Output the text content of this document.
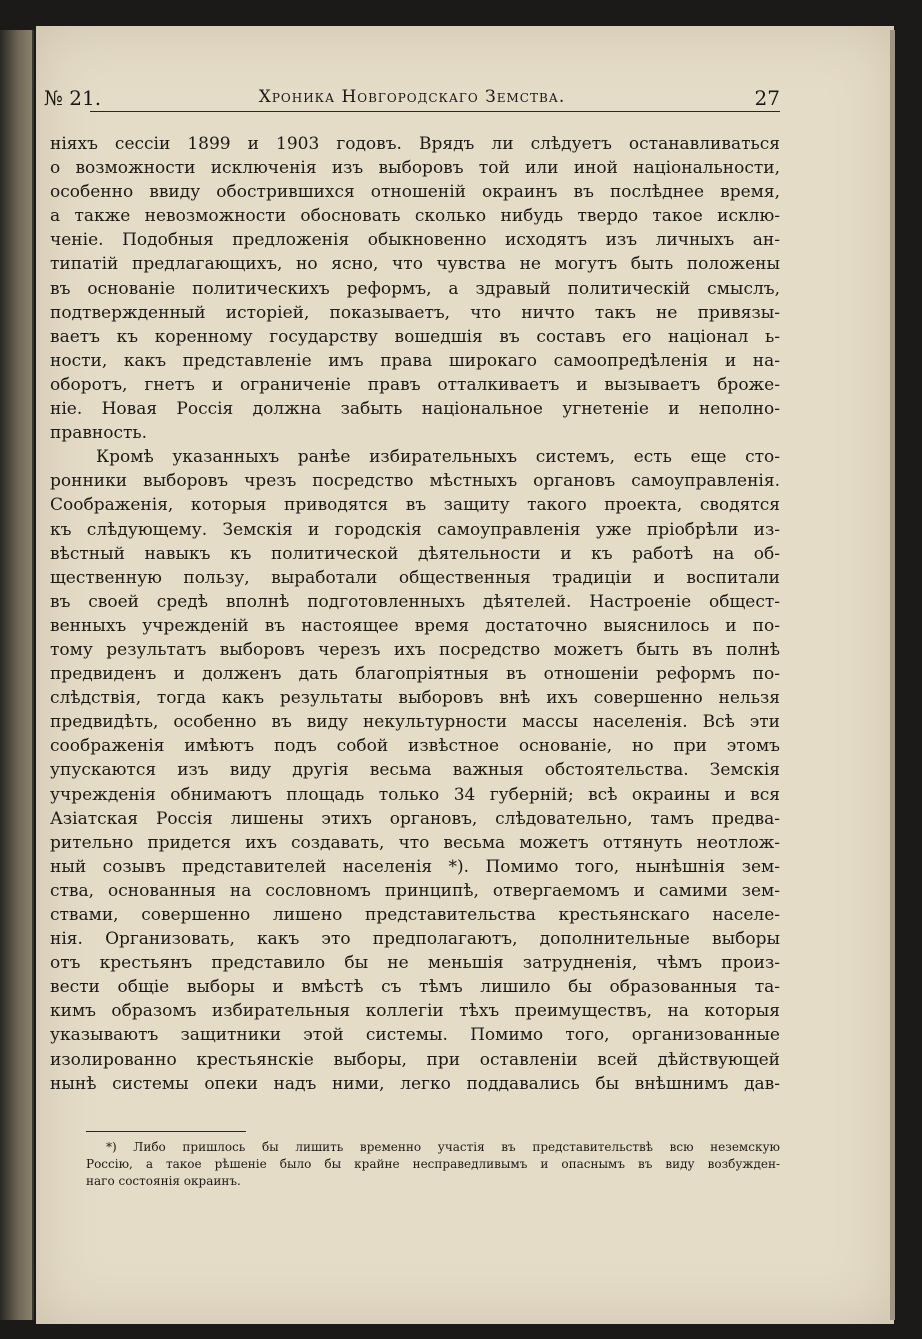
№ 21.	Хроника Новгородскаго Земства.	27
ніяхъ сессіи 1899 и 1903 годовъ. Врядъ ли слѣдуетъ останавливаться
о возможности исключенія изъ выборовъ той или иной національности,
особенно ввиду обострившихся отношеній окраинъ въ послѣднее время,
а также невозможности обосновать сколько нибудь твердо такое исклю-
ченіе. Подобныя предложенія обыкновенно исходятъ изъ личныхъ ан-
типатій предлагающихъ, но ясно, что чувства не могутъ быть положены
въ основаніе политическихъ реформъ, а здравый политическій смыслъ,
подтвержденный исторіей, показываетъ, что ничто такъ не привязы-
ваетъ къ коренному государству вошедшія въ составъ его націонал ь-
ности, какъ представленіе имъ права широкаго самоопредѣленія и на-
оборотъ, гнетъ и ограниченіе правъ отталкиваетъ и вызываетъ броже-
ніе. Новая Россія должна забыть національное угнетеніе и неполно-
правность.
Кромѣ указанныхъ ранѣе избирательныхъ системъ, есть еще сто-
ронники выборовъ чрезъ посредство мѣстныхъ органовъ самоуправленія.
Соображенія, которыя приводятся въ защиту такого проекта, сводятся
къ слѣдующему. Земскія и городскія самоуправленія уже пріобрѣли из-
вѣстный навыкъ къ политической дѣятельности и къ работѣ на об-
щественную пользу, выработали общественныя традиціи и воспитали
въ своей средѣ вполнѣ подготовленныхъ дѣятелей. Настроеніе общест-
венныхъ учрежденій въ настоящее время достаточно выяснилось и по-
тому результатъ выборовъ черезъ ихъ посредство можетъ быть въ полнѣ
предвиденъ и долженъ дать благопріятныя въ отношеніи реформъ по-
слѣдствія, тогда какъ результаты выборовъ внѣ ихъ совершенно нельзя
предвидѣть, особенно въ виду некультурности массы населенія. Всѣ эти
соображенія имѣютъ подъ собой извѣстное основаніе, но при этомъ
упускаются изъ виду другія весьма важныя обстоятельства. Земскія
учрежденія обнимаютъ площадь только 34 губерній; всѣ окраины и вся
Азіатская Россія лишены этихъ органовъ, слѣдовательно, тамъ предва-
рительно придется ихъ создавать, что весьма можетъ оттянуть неотлож-
ный созывъ представителей населенія *). Помимо того, нынѣшнія зем-
ства, основанныя на сословномъ принципѣ, отвергаемомъ и самими зем-
ствами, совершенно лишено представительства крестьянскаго населе-
нія. Организовать, какъ это предполагаютъ, дополнительные выборы
отъ крестьянъ представило бы не меньшія затрудненія, чѣмъ произ-
вести общіе выборы и вмѣстѣ съ тѣмъ лишило бы образованныя та-
кимъ образомъ избирательныя коллегіи тѣхъ преимуществъ, на которыя
указываютъ защитники этой системы. Помимо того, организованные
изолированно крестьянскіе выборы, при оставленіи всей дѣйствующей
нынѣ системы опеки надъ ними, легко поддавались бы внѣшнимъ дав-
*) Либо пришлось бы лишить временно участія въ представительствѣ всю неземскую
Россію, а такое рѣшеніе было бы крайне несправедливымъ и опаснымъ въ виду возбужден-
наго состоянія окраинъ.
